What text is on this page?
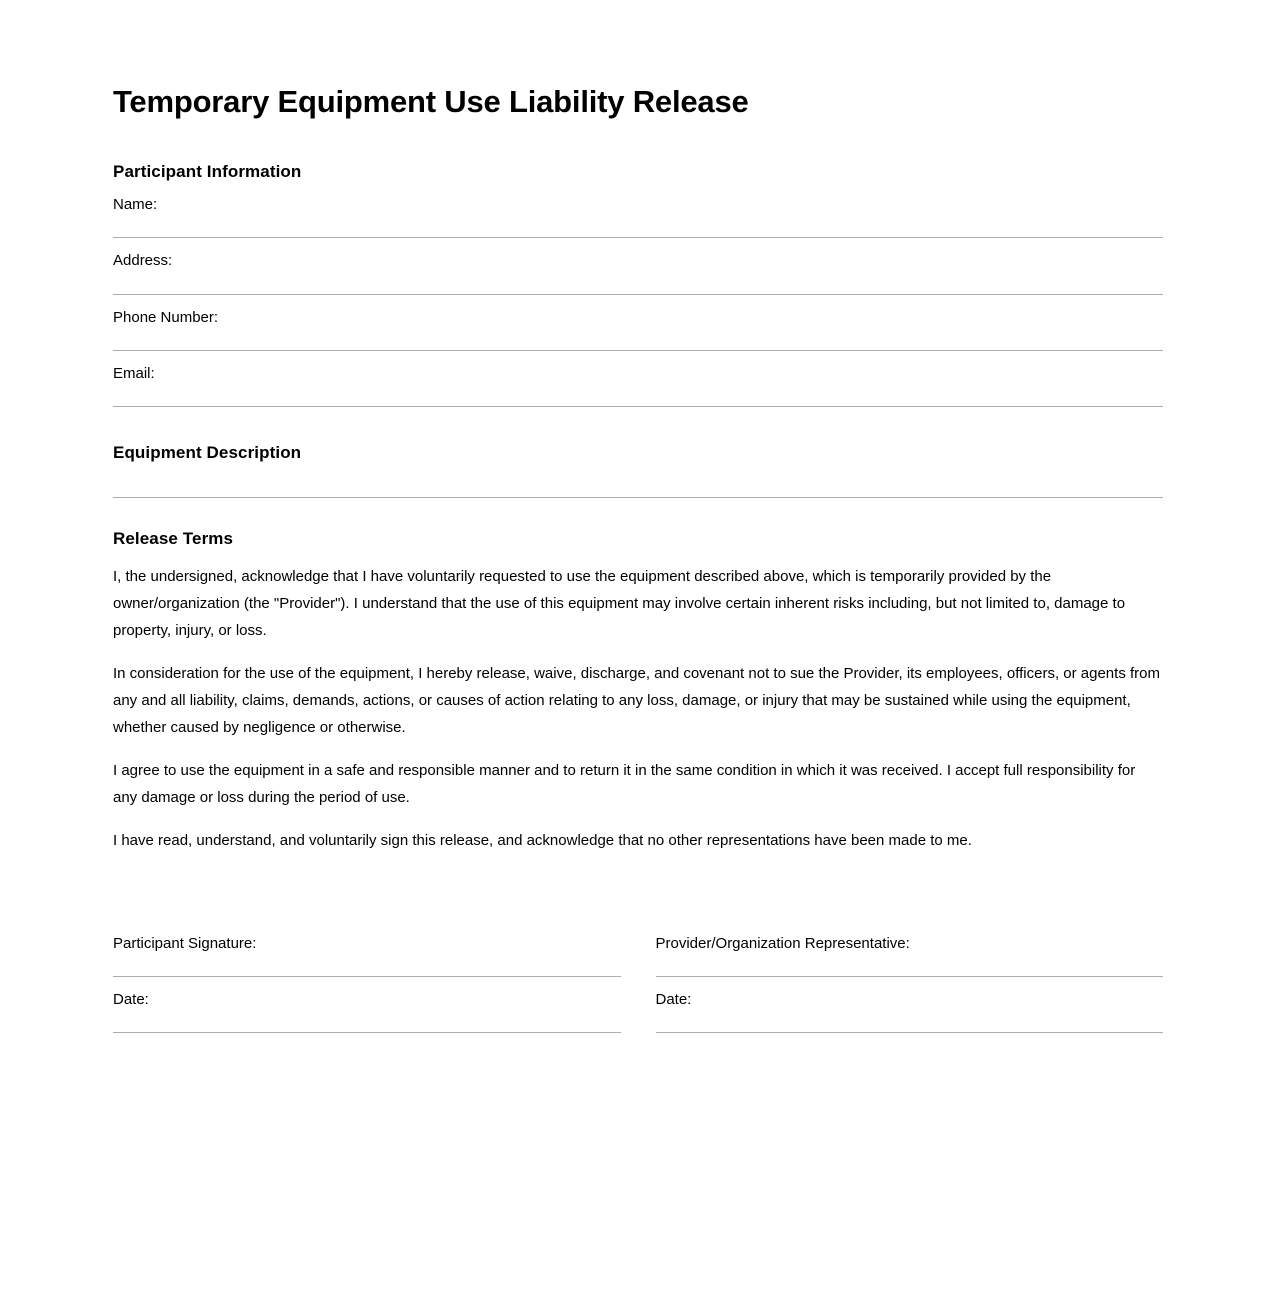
Temporary Equipment Use Liability Release
Participant Information
Name:
Address:
Phone Number:
Email:
Equipment Description
Release Terms

I, the undersigned, acknowledge that I have voluntarily requested to use the equipment described above, which is temporarily provided by the owner/organization (the "Provider"). I understand that the use of this equipment may involve certain inherent risks including, but not limited to, damage to property, injury, or loss.

In consideration for the use of the equipment, I hereby release, waive, discharge, and covenant not to sue the Provider, its employees, officers, or agents from any and all liability, claims, demands, actions, or causes of action relating to any loss, damage, or injury that may be sustained while using the equipment, whether caused by negligence or otherwise.

I agree to use the equipment in a safe and responsible manner and to return it in the same condition in which it was received. I accept full responsibility for any damage or loss during the period of use.

I have read, understand, and voluntarily sign this release, and acknowledge that no other representations have been made to me.

Participant Signature:
Date:
Provider/Organization Representative:
Date:
